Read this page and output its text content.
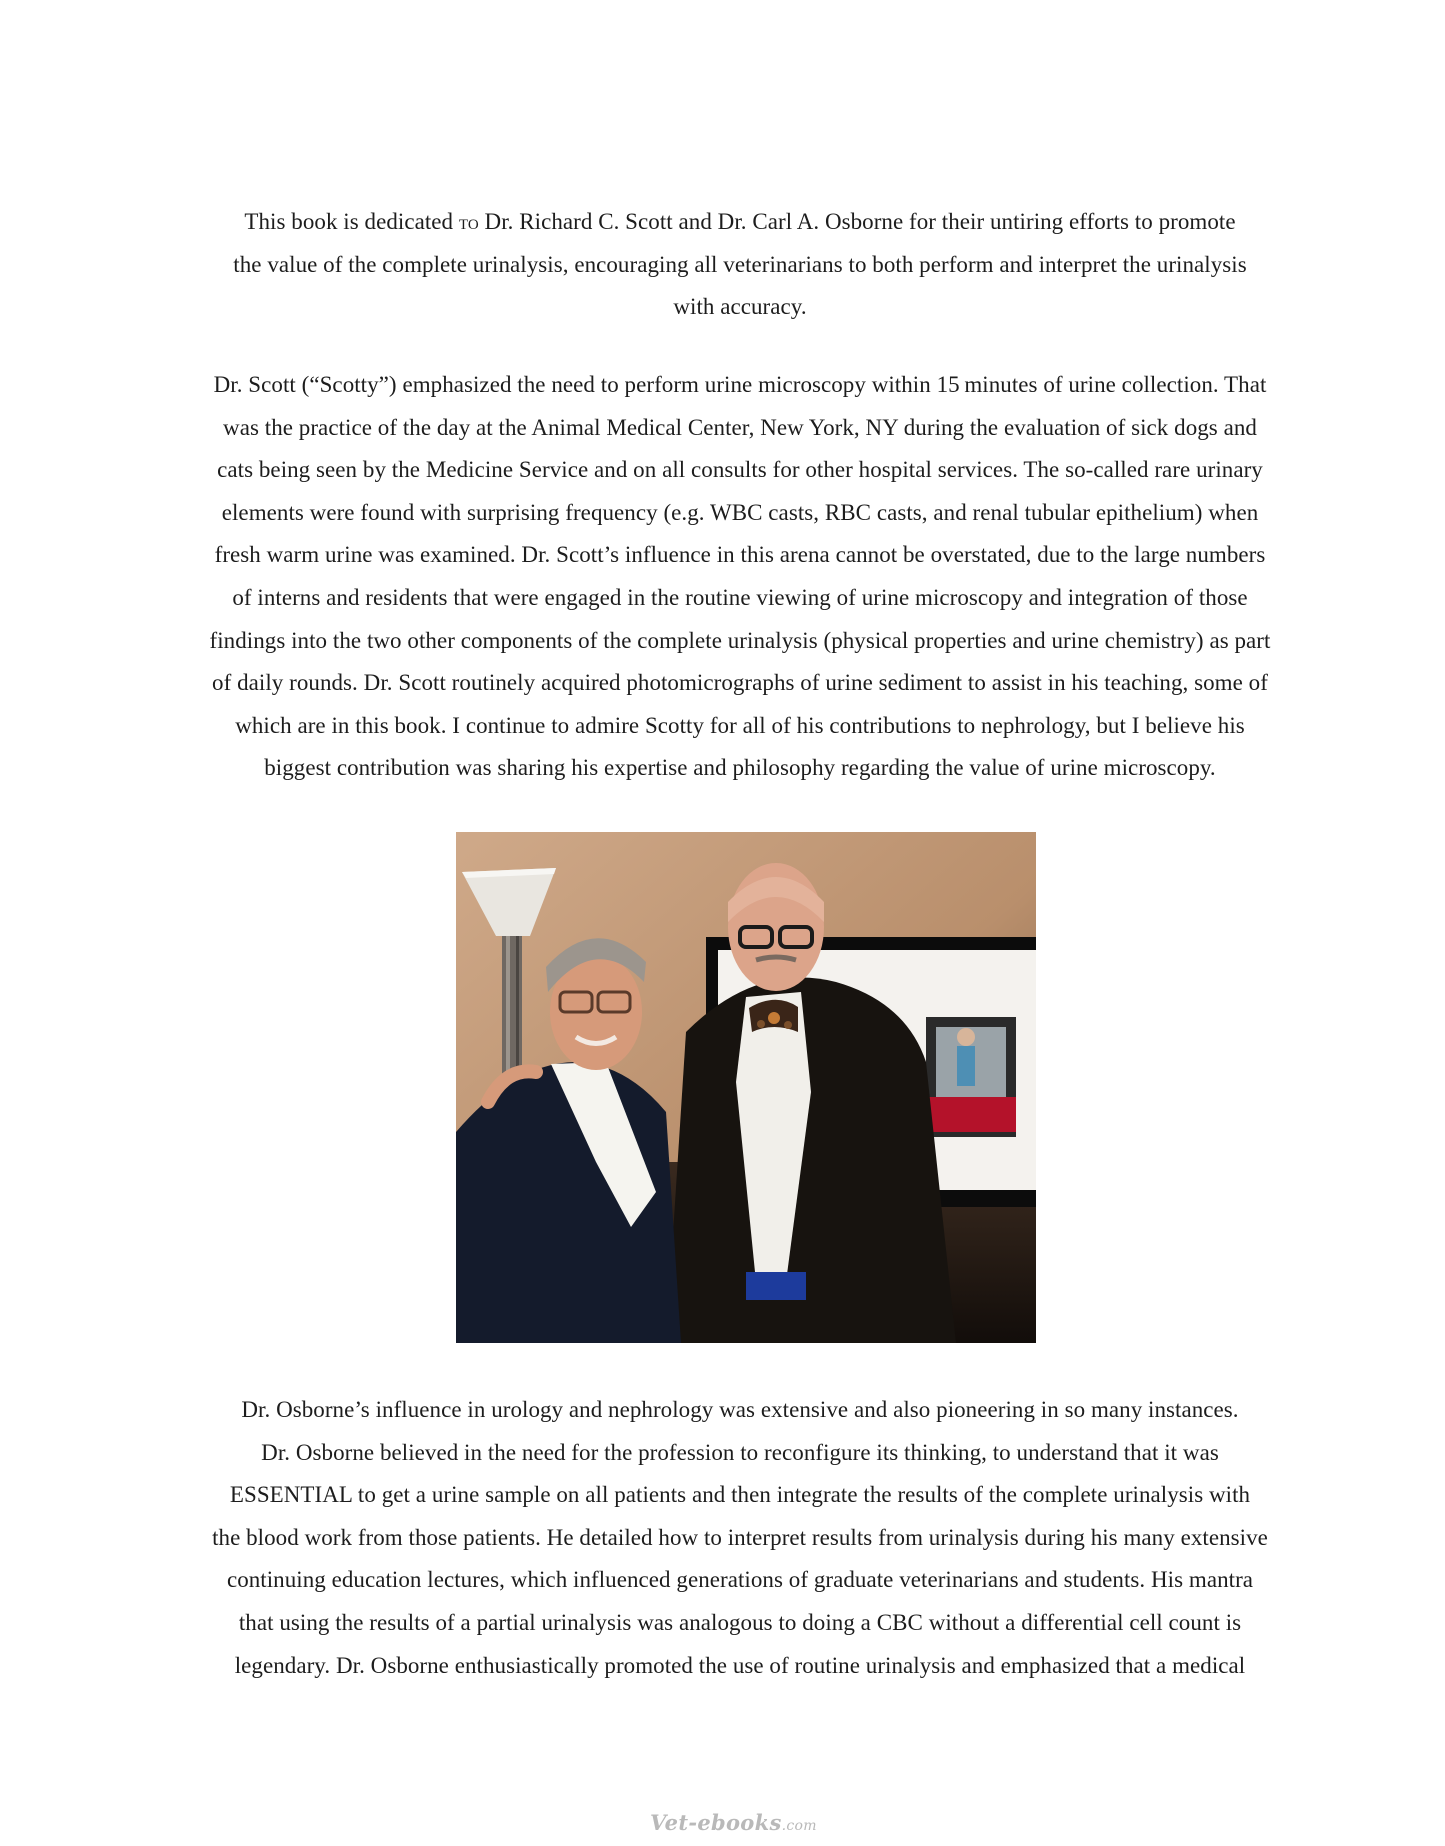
This book is dedicated to Dr. Richard C. Scott and Dr. Carl A. Osborne for their untiring efforts to promote
the value of the complete urinalysis, encouraging all veterinarians to both perform and interpret the urinalysis
with accuracy.

Dr. Scott (“Scotty”) emphasized the need to perform urine microscopy within 15 minutes of urine collection. That
was the practice of the day at the Animal Medical Center, New York, NY during the evaluation of sick dogs and
cats being seen by the Medicine Service and on all consults for other hospital services. The so-called rare urinary
elements were found with surprising frequency (e.g. WBC casts, RBC casts, and renal tubular epithelium) when
fresh warm urine was examined. Dr. Scott’s influence in this arena cannot be overstated, due to the large numbers
of interns and residents that were engaged in the routine viewing of urine microscopy and integration of those
findings into the two other components of the complete urinalysis (physical properties and urine chemistry) as part
of daily rounds. Dr. Scott routinely acquired photomicrographs of urine sediment to assist in his teaching, some of
which are in this book. I continue to admire Scotty for all of his contributions to nephrology, but I believe his
biggest contribution was sharing his expertise and philosophy regarding the value of urine microscopy.

Dr. Osborne’s influence in urology and nephrology was extensive and also pioneering in so many instances.
Dr. Osborne believed in the need for the profession to reconfigure its thinking, to understand that it was
ESSENTIAL to get a urine sample on all patients and then integrate the results of the complete urinalysis with
the blood work from those patients. He detailed how to interpret results from urinalysis during his many extensive
continuing education lectures, which influenced generations of graduate veterinarians and students. His mantra
that using the results of a partial urinalysis was analogous to doing a CBC without a differential cell count is
legendary. Dr. Osborne enthusiastically promoted the use of routine urinalysis and emphasized that a medical

Vet-ebooks.com
